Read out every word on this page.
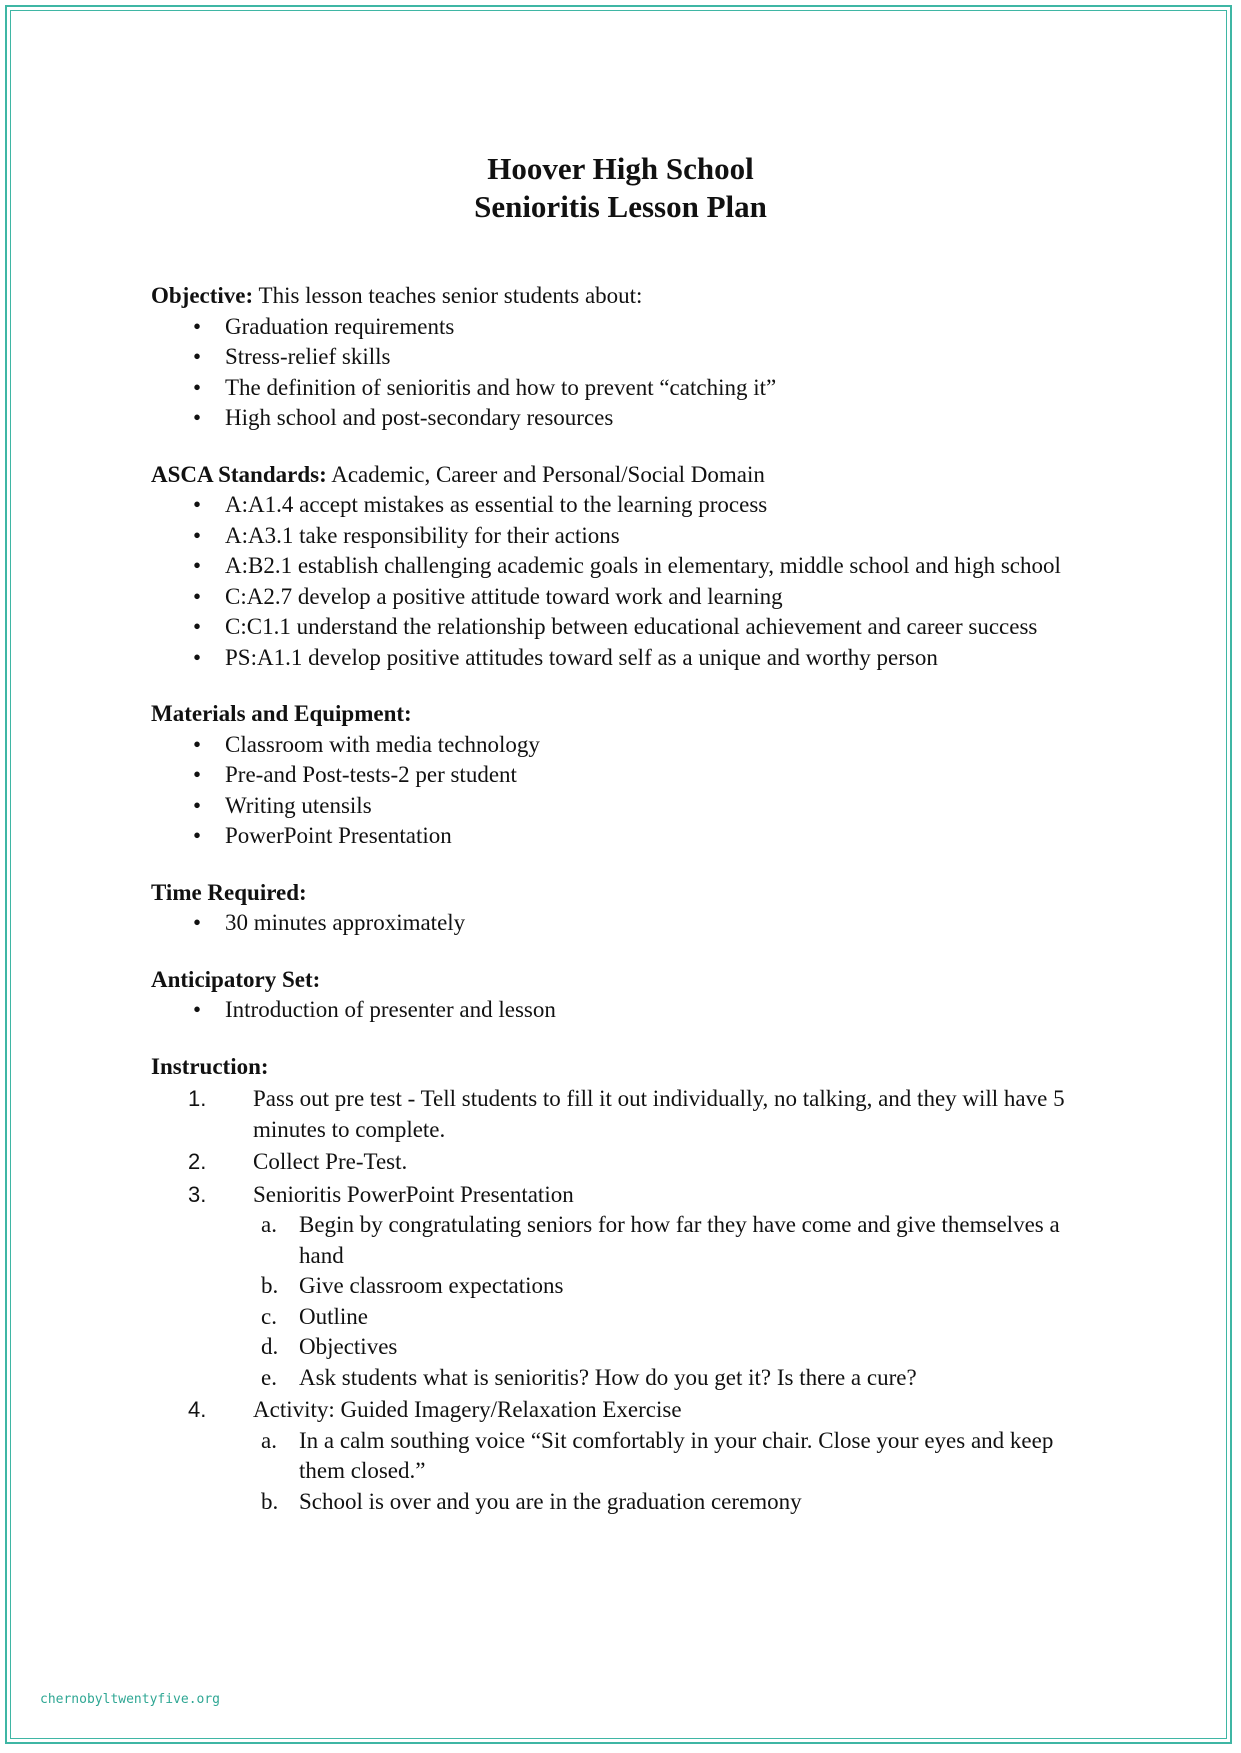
Hoover High School
Senioritis Lesson Plan
Objective: This lesson teaches senior students about:
• Graduation requirements
• Stress-relief skills
• The definition of senioritis and how to prevent “catching it”
• High school and post-secondary resources
ASCA Standards: Academic, Career and Personal/Social Domain
• A:A1.4 accept mistakes as essential to the learning process
• A:A3.1 take responsibility for their actions
• A:B2.1 establish challenging academic goals in elementary, middle school and high school
• C:A2.7 develop a positive attitude toward work and learning
• C:C1.1 understand the relationship between educational achievement and career success
• PS:A1.1 develop positive attitudes toward self as a unique and worthy person
Materials and Equipment:
• Classroom with media technology
• Pre-and Post-tests-2 per student
• Writing utensils
• PowerPoint Presentation
Time Required:
• 30 minutes approximately
Anticipatory Set:
• Introduction of presenter and lesson
Instruction:
1. Pass out pre test - Tell students to fill it out individually, no talking, and they will have 5 minutes to complete.
2. Collect Pre-Test.
3. Senioritis PowerPoint Presentation
a. Begin by congratulating seniors for how far they have come and give themselves a hand
b. Give classroom expectations
c. Outline
d. Objectives
e. Ask students what is senioritis? How do you get it? Is there a cure?
4. Activity: Guided Imagery/Relaxation Exercise
a. In a calm southing voice “Sit comfortably in your chair. Close your eyes and keep them closed.”
b. School is over and you are in the graduation ceremony
chernobyltwentyfive.org
